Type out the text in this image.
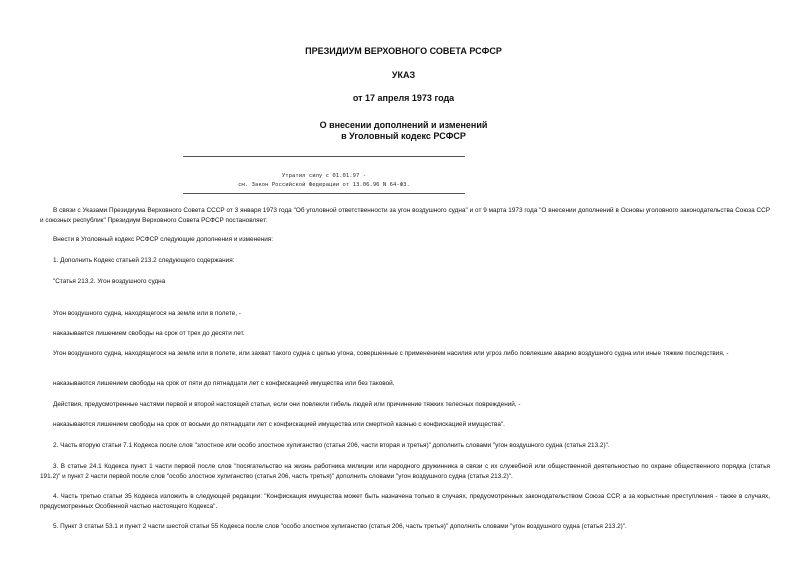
ПРЕЗИДИУМ ВЕРХОВНОГО СОВЕТА РСФСР
УКАЗ
от 17 апреля 1973 года
О внесении дополнений и изменений
в Уголовный кодекс РСФСР
Утратил силу с 01.01.97 -
см. Закон Российской Федерации от 13.06.96 N 64-ФЗ.
В связи с Указами Президиума Верховного Совета СССР от 3 января 1973 года "Об уголовной ответственности за угон воздушного судна" и от 9 марта 1973 года "О внесении дополнений в Основы уголовного законодательства Союза ССР и союзных республик" Президиум Верховного Совета РСФСР постановляет:
Внести в Уголовный кодекс РСФСР следующие дополнения и изменения:
1. Дополнить Кодекс статьей 213.2 следующего содержания:
"Статья 213.2. Угон воздушного судна
Угон воздушного судна, находящегося на земле или в полете, -
наказывается лишением свободы на срок от трех до десяти лет.
Угон воздушного судна, находящегося на земле или в полете, или захват такого судна с целью угона, совершенные с применением насилия или угроз либо повлекшие аварию воздушного судна или иные тяжкие последствия, -
наказываются лишением свободы на срок от пяти до пятнадцати лет с конфискацией имущества или без таковой.
Действия, предусмотренные частями первой и второй настоящей статьи, если они повлекли гибель людей или причинение тяжких телесных повреждений, -
наказываются лишением свободы на срок от восьми до пятнадцати лет с конфискацией имущества или смертной казнью с конфискацией имущества".
2. Часть вторую статьи 7.1 Кодекса после слов "злостное или особо злостное хулиганство (статья 206, части вторая и третья)" дополнить словами "угон воздушного судна (статья 213.2)".
3. В статье 24.1 Кодекса пункт 1 части первой после слов "посягательство на жизнь работника милиции или народного дружинника в связи с их служебной или общественной деятельностью по охране общественного порядка (статья 191.2)" и пункт 2 части первой после слов "особо злостное хулиганство (статья 206, часть третья)" дополнить словами "угон воздушного судна (статья 213.2)".
4. Часть третью статьи 35 Кодекса изложить в следующей редакции: "Конфискация имущества может быть назначена только в случаях, предусмотренных законодательством Союза ССР, а за корыстные преступления - также в случаях, предусмотренных Особенной частью настоящего Кодекса".
5. Пункт 3 статьи 53.1 и пункт 2 части шестой статьи 55 Кодекса после слов "особо злостное хулиганство (статья 206, часть третья)" дополнить словами "угон воздушного судна (статья 213.2)".
